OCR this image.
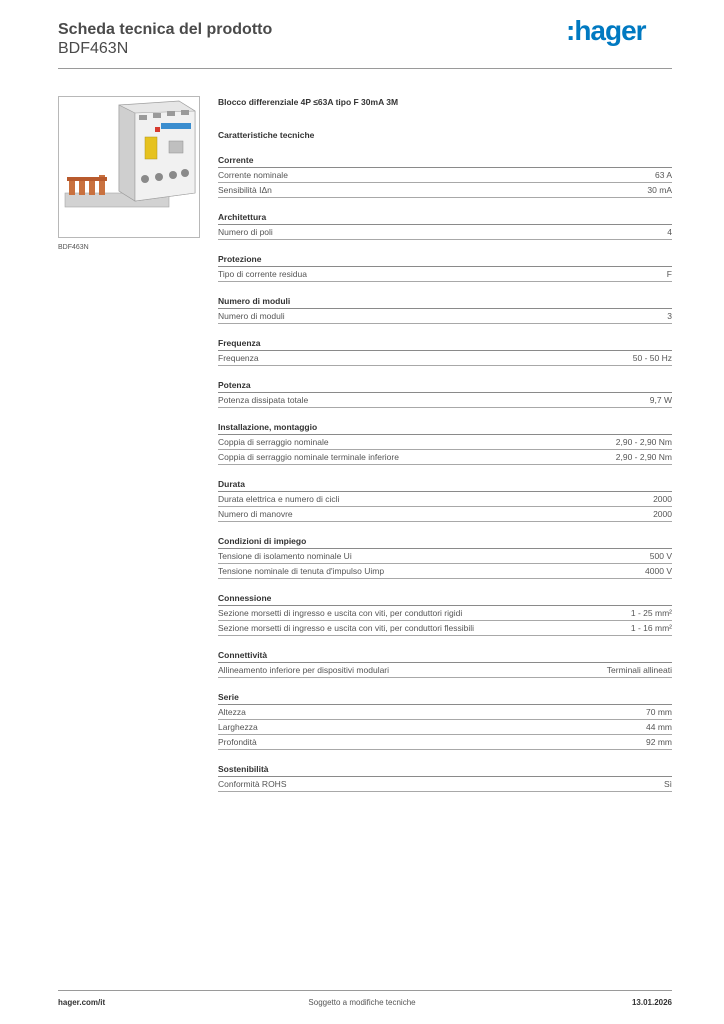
Scheda tecnica del prodotto
BDF463N
:hager
BDF463N
Blocco differenziale 4P ≤63A tipo F 30mA 3M
Caratteristiche tecniche
Corrente
Corrente nominale	63 A
Sensibilità IΔn	30 mA
Architettura
Numero di poli	4
Protezione
Tipo di corrente residua	F
Numero di moduli
Numero di moduli	3
Frequenza
Frequenza	50 - 50 Hz
Potenza
Potenza dissipata totale	9,7 W
Installazione, montaggio
Coppia di serraggio nominale	2,90 - 2,90 Nm
Coppia di serraggio nominale terminale inferiore	2,90 - 2,90 Nm
Durata
Durata elettrica e numero di cicli	2000
Numero di manovre	2000
Condizioni di impiego
Tensione di isolamento nominale Ui	500 V
Tensione nominale di tenuta d'impulso Uimp	4000 V
Connessione
Sezione morsetti di ingresso e uscita con viti, per conduttori rigidi	1 - 25 mm²
Sezione morsetti di ingresso e uscita con viti, per conduttori flessibili	1 - 16 mm²
Connettività
Allineamento inferiore per dispositivi modulari	Terminali allineati
Serie
Altezza	70 mm
Larghezza	44 mm
Profondità	92 mm
Sostenibilità
Conformità ROHS	Sì
hager.com/it	Soggetto a modifiche tecniche	13.01.2026
